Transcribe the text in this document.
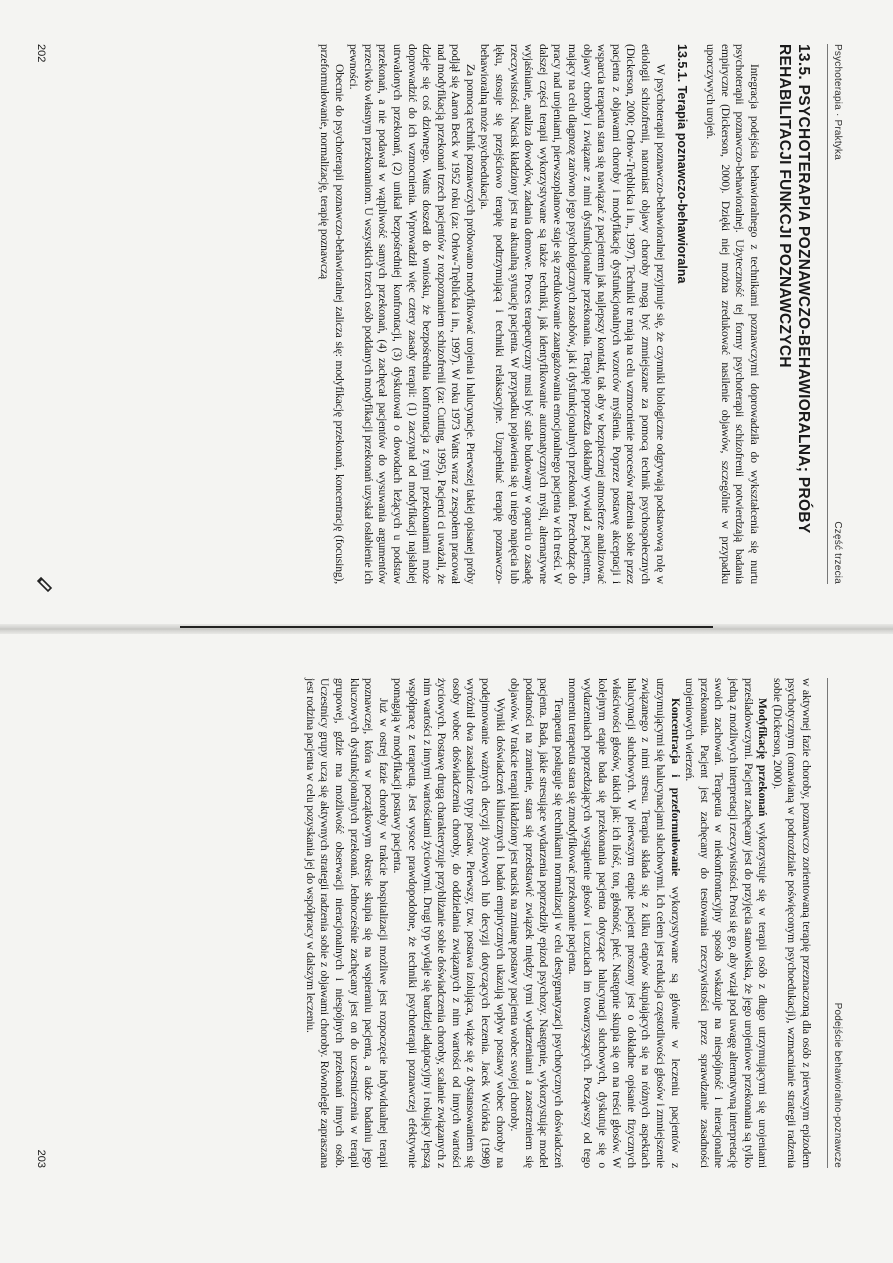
Psychoterapia · Praktyka
Część trzecia
13.5. PSYCHOTERAPIA POZNAWCZO-BEHAWIORALNA; PRÓBY REHABILITACJI FUNKCJI POZNAWCZYCH

Integracja podejścia behawioralnego z technikami poznawczymi doprowadziła do wykształcenia się nurtu psychoterapii poznawczo-behawioralnej. Użyteczność tej formy psychoterapii schizofrenii potwierdzają badania empiryczne (Dickerson, 2000). Dzięki niej można zredukować nasilenie objawów, szczególnie w przypadku uporczywych urojeń.

13.5.1. Terapia poznawczo-behawioralna

W psychoterapii poznawczo-behawioralnej przyjmuje się, że czynniki biologiczne odgrywają podstawową rolę w etiologii schizofrenii, natomiast objawy choroby mogą być zmniejszane za pomocą technik psychospołecznych (Dickerson, 2000; Orłow-Tręblicka i in., 1997). Techniki te mają na celu wzmocnienie procesów radzenia sobie przez pacjenta z objawami choroby i modyfikację dysfunkcjonalnych wzorców myślenia. Poprzez postawę akceptacji i wsparcia terapeuta stara się nawiązać z pacjentem jak najlepszy kontakt, tak aby w bezpiecznej atmosferze analizować objawy choroby i związane z nimi dysfunkcjonalne przekonania. Terapię poprzedza dokładny wywiad z pacjentem, mający na celu diagnozę zarówno jego psychologicznych zasobów, jak i dysfunkcjonalnych przekonań. Przechodząc do pracy nad urojeniami, pierwszoplanowe staje się zredukowanie zaangażowania emocjonalnego pacjenta w ich treści. W dalszej części terapii wykorzystywane są także techniki, jak identyfikowanie automatycznych myśli, alternatywne wyjaśnianie, analiza dowodów, zadania domowe. Proces terapeutyczny musi być stale budowany w oparciu o zasadę rzeczywistości. Nacisk kładziony jest na aktualną sytuację pacjenta. W przypadku pojawienia się u niego napięcia lub lęku, stosuje się przejściowo terapię podtrzymującą i techniki relaksacyjne. Uzupełniać terapię poznawczo-behawioralną może psychoedukacja.

Za pomocą technik poznawczych próbowano modyfikować urojenia i halucynacje. Pierwszej takiej opisanej próby podjął się Aaron Beck w 1952 roku (za: Orłow-Tręblicka i in., 1997). W roku 1973 Watts wraz z zespołem pracował nad modyfikacją przekonań trzech pacjentów z rozpoznaniem schizofrenii (za: Cutting, 1995). Pacjenci ci uważali, że dzieje się coś dziwnego. Watts doszedł do wniosku, że bezpośrednia konfrontacja z tymi przekonaniami może doprowadzić do ich wzmocnienia. Wprowadził więc cztery zasady terapii: (1) zaczynał od modyfikacji najsłabiej utrwalonych przekonań, (2) unikał bezpośredniej konfrontacji, (3) dyskutował o dowodach leżących u podstaw przekonań, a nie podawał w wątpliwość samych przekonań, (4) zachęcał pacjentów do wysuwania argumentów przeciwko własnym przekonaniom. U wszystkich trzech osób poddanych modyfikacji przekonań uzyskał osłabienie ich pewności.

Obecnie do psychoterapii poznawczo-behawioralnej zalicza się: modyfikację przekonań, koncentrację (focusing), przeformułowanie, normalizację, terapię poznawczą

202
Podejście behawioralno-poznawcze

w aktywnej fazie choroby, poznawczo zorientowaną terapię przeznaczoną dla osób z pierwszym epizodem psychotycznym (omawianą w podrozdziale poświęconym psychoedukacji), wzmacnianie strategii radzenia sobie (Dickerson, 2000).

Modyfikację przekonań wykorzystuje się w terapii osób z długo utrzymującymi się urojeniami prześladowczymi. Pacjent zachęcany jest do przyjęcia stanowiska, że jego urojeniowe przekonania są tylko jedną z możliwych interpretacji rzeczywistości. Prosi się go, aby wziął pod uwagę alternatywną interpretację swoich zachowań. Terapeuta w niekonfrontacyjny sposób wskazuje na niespójność i nieracjonalne przekonania. Pacjent jest zachęcany do testowania rzeczywistości przez sprawdzanie zasadności urojeniowych wierzeń.

Koncentracja i przeformułowanie wykorzystywane są głównie w leczeniu pacjentów z utrzymującymi się halucynacjami słuchowymi. Ich celem jest redukcja częstotliwości głosów i zmniejszenie związanego z nimi stresu. Terapia składa się z kilku etapów skupiających się na różnych aspektach halucynacji słuchowych. W pierwszym etapie pacjent proszony jest o dokładne opisanie fizycznych właściwości głosów, takich jak: ich ilość, ton, głośność, płeć. Następnie skupia się on na treści głosów. W kolejnym etapie bada się przekonania pacjenta dotyczące halucynacji słuchowych, dyskutuje się o wydarzeniach poprzedzających wystąpienie głosów i uczuciach im towarzyszących. Począwszy od tego momentu terapeuta stara się zmodyfikować przekonanie pacjenta.

Terapeuta posługuje się technikami normalizacji w celu destygmatyzacji psychotycznych doświadczeń pacjenta. Bada, jakie stresujące wydarzenia poprzedziły epizod psychozy. Następnie, wykorzystując model podatności na zranienie, stara się przedstawić związek między tymi wydarzeniami a zaostrzeniem się objawów. W trakcie terapii kładziony jest nacisk na zmianę postawy pacjenta wobec swojej choroby.

Wyniki doświadczeń klinicznych i badań empirycznych ukazują wpływ postawy wobec choroby na podejmowanie ważnych decyzji życiowych lub decyzji dotyczących leczenia. Jacek Wciórka (1998) wyróżnił dwa zasadnicze typy postaw. Pierwszy, tzw. postawa izolująca, wiąże się z dystansowaniem się osoby wobec doświadczenia choroby, do oddzielania związanych z nim wartości od innych wartości życiowych. Postawę drugą charakteryzuje przybliżanie sobie doświadczenia choroby, scalanie związanych z nim wartości z innymi wartościami życiowymi. Drugi typ wydaje się bardziej adaptacyjny i rokujący lepszą współpracę z terapeutą. Jest wysoce prawdopodobne, że techniki psychoterapii poznawczej efektywnie pomagają w modyfikacji postawy pacjenta.

Już w ostrej fazie choroby w trakcie hospitalizacji możliwe jest rozpoczęcie indywidualnej terapii poznawczej, która w początkowym okresie skupia się na wspieraniu pacjenta, a także badaniu jego kluczowych dysfunkcjonalnych przekonań. Jednocześnie zachęcany jest on do uczestniczenia w terapii grupowej, gdzie ma możliwość obserwacji nieracjonalnych i niespójnych przekonań innych osób. Uczestnicy grupy uczą się aktywnych strategii radzenia sobie z objawami choroby. Równolegle zapraszana jest rodzina pacjenta w celu pozyskania jej do współpracy w dalszym leczeniu.

203
